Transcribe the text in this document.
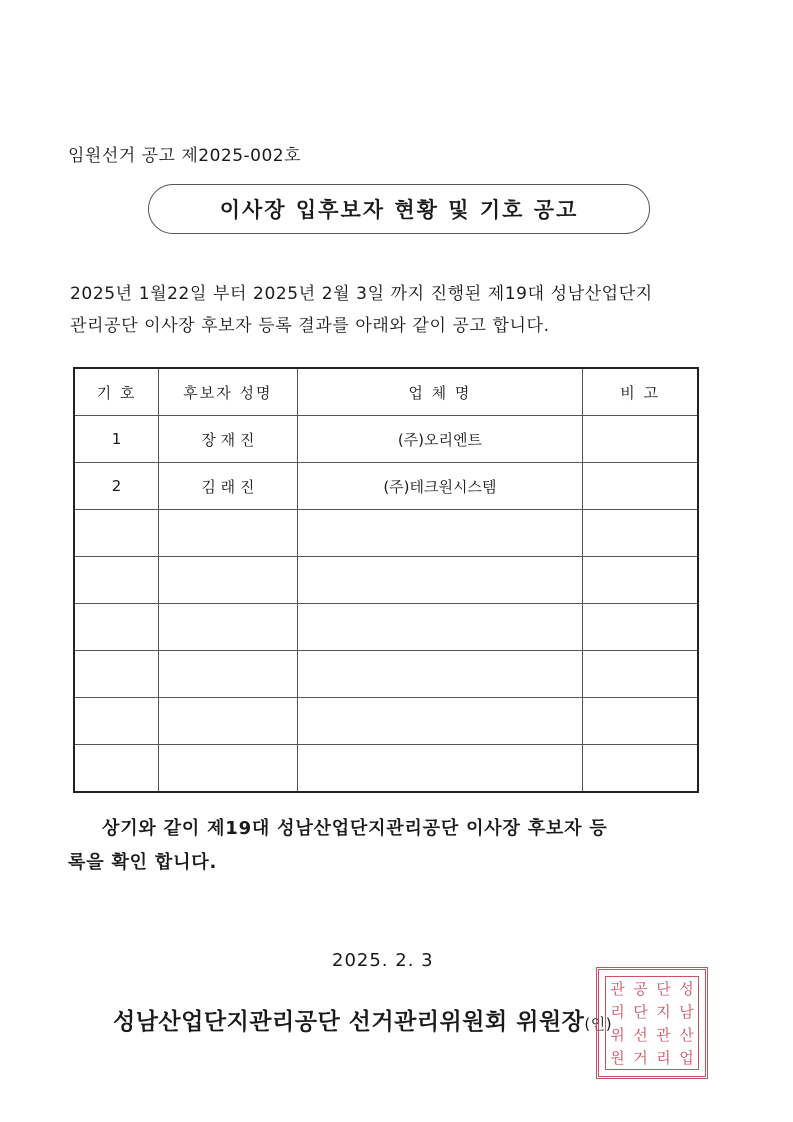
임원선거 공고 제2025-002호
이사장 입후보자 현황 및 기호 공고
2025년 1월22일 부터 2025년 2월 3일 까지 진행된 제19대 성남산업단지
관리공단 이사장 후보자 등록 결과를 아래와 같이 공고 합니다.
기 호	후보자 성명	업 체 명	비 고
1	장 재 진	(주)오리엔트	
2	김 래 진	(주)테크원시스템	

상기와 같이 제19대 성남산업단지관리공단 이사장 후보자 등
록을 확인 합니다.
2025. 2. 3
성남산업단지관리공단 선거관리위원회 위원장(인)
관 공 단 성
리 단 지 남
위 선 관 산
원 거 리 업
